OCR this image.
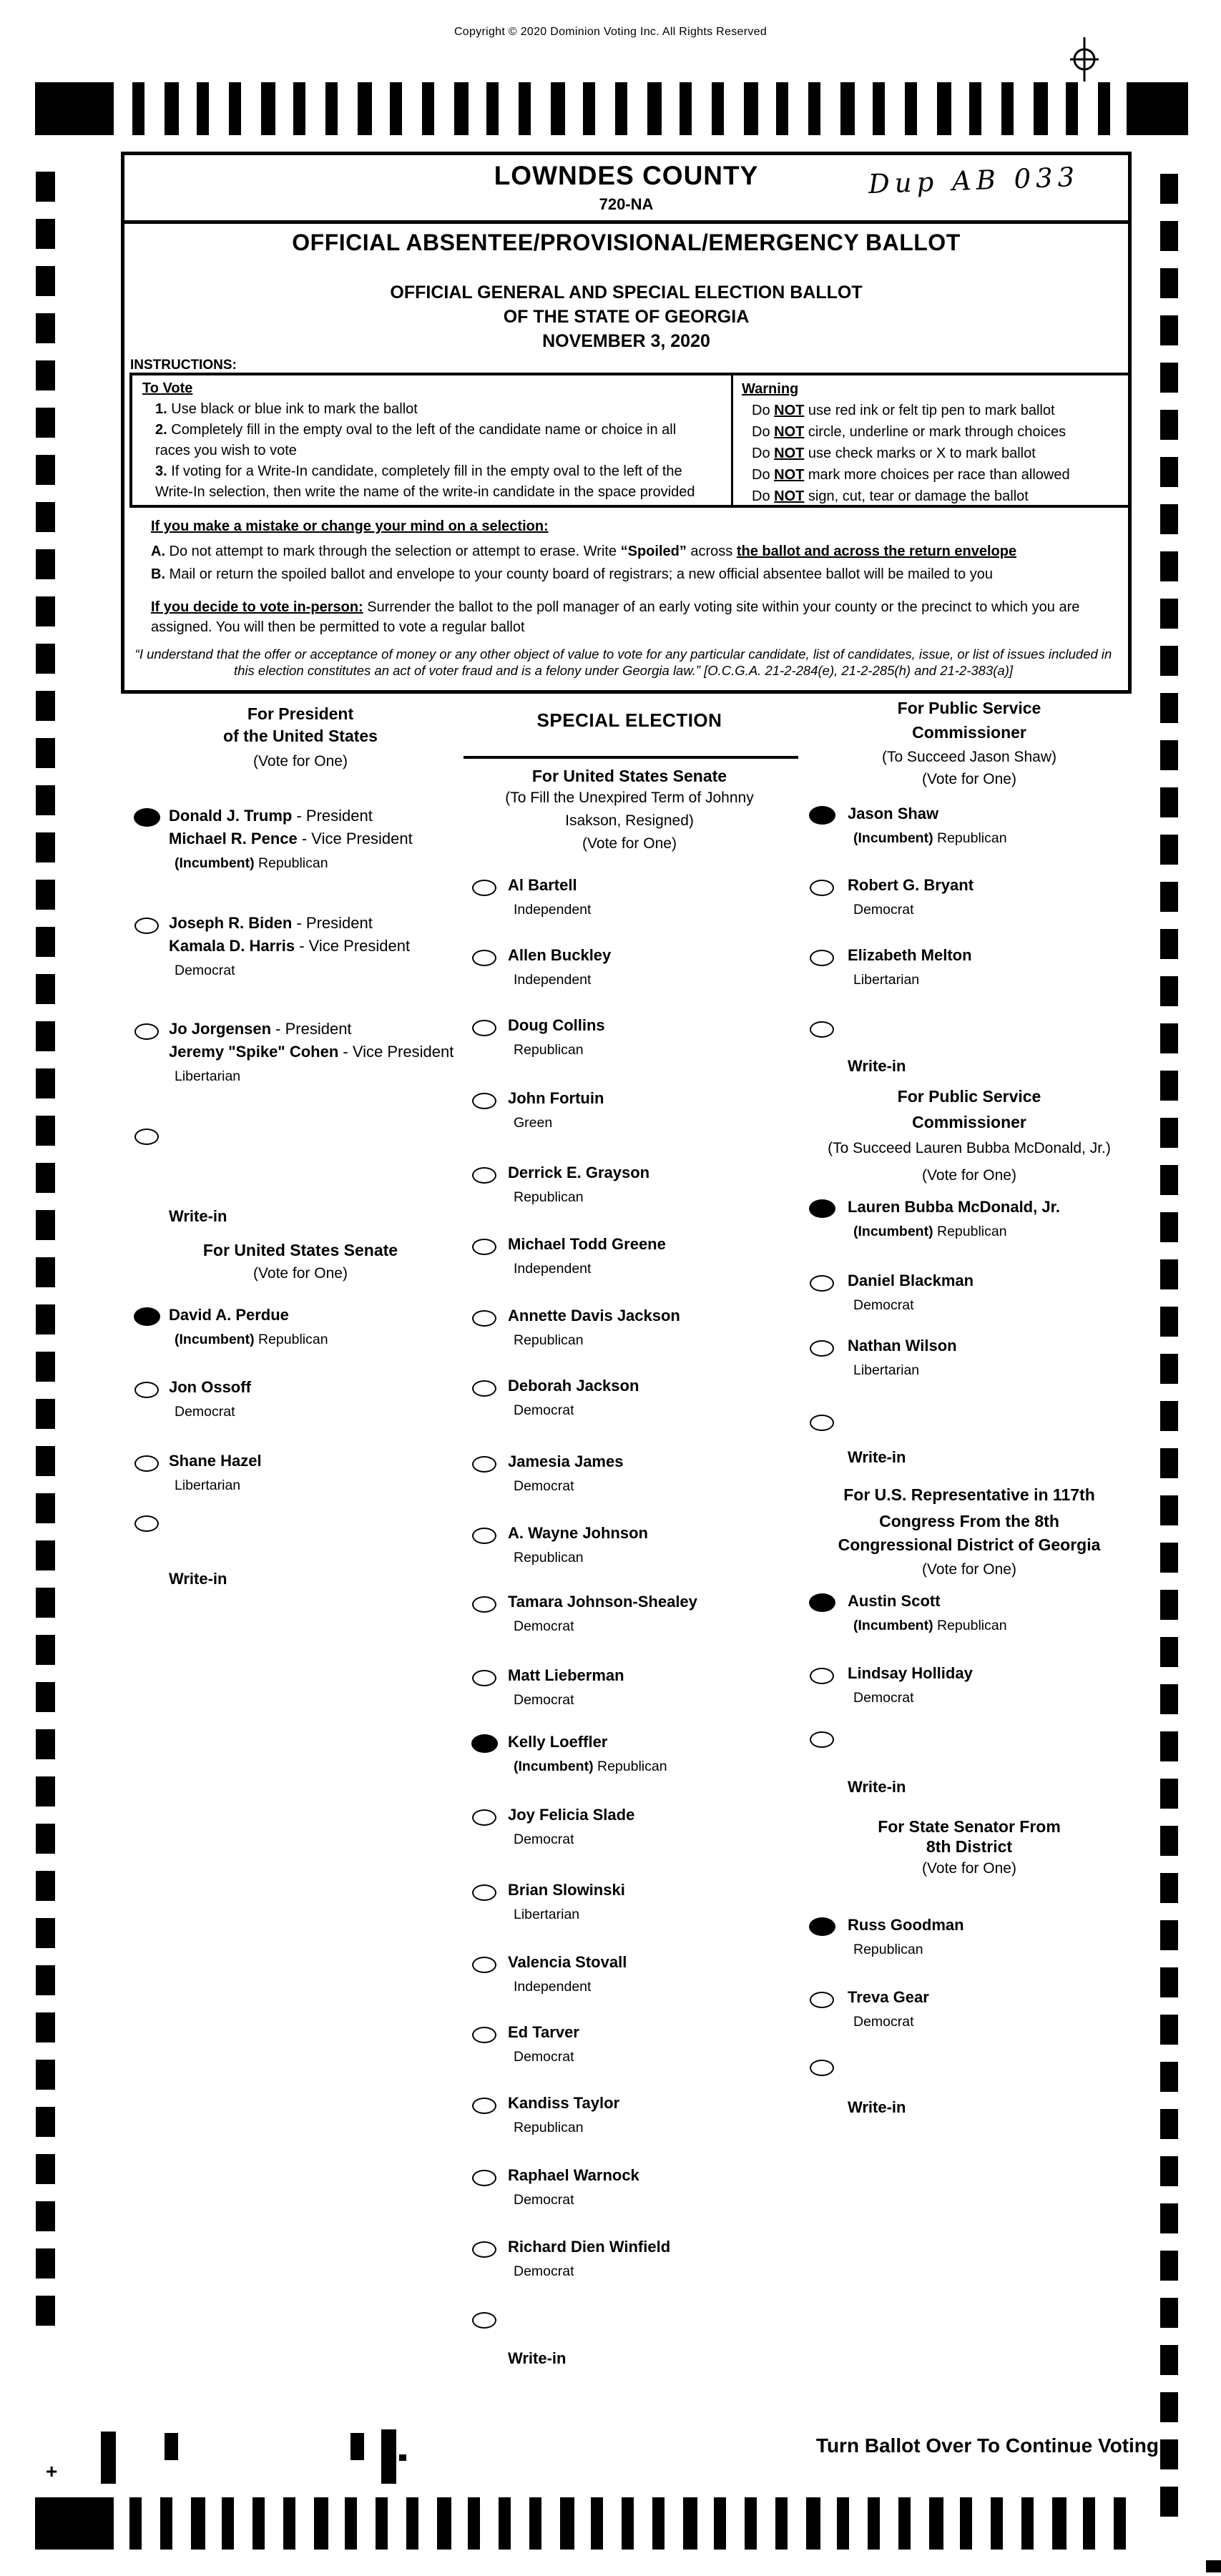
Copyright © 2020 Dominion Voting Inc. All Rights Reserved
LOWNDES COUNTY	Dup AB 033
720-NA
OFFICIAL ABSENTEE/PROVISIONAL/EMERGENCY BALLOT
OFFICIAL GENERAL AND SPECIAL ELECTION BALLOT
OF THE STATE OF GEORGIA
NOVEMBER 3, 2020
INSTRUCTIONS:
To Vote

1. Use black or blue ink to mark the ballot

2. Completely fill in the empty oval to the left of the candidate name or choice in all races you wish to vote

3. If voting for a Write-In candidate, completely fill in the empty oval to the left of the Write-In selection, then write the name of the write-in candidate in the space provided

Warning

Do NOT use red ink or felt tip pen to mark ballot

Do NOT circle, underline or mark through choices

Do NOT use check marks or X to mark ballot

Do NOT mark more choices per race than allowed

Do NOT sign, cut, tear or damage the ballot

If you make a mistake or change your mind on a selection:
A. Do not attempt to mark through the selection or attempt to erase. Write “Spoiled” across the ballot and across the return envelope
B. Mail or return the spoiled ballot and envelope to your county board of registrars; a new official absentee ballot will be mailed to you
If you decide to vote in-person: Surrender the ballot to the poll manager of an early voting site within your county or the precinct to which you are assigned. You will then be permitted to vote a regular ballot
“I understand that the offer or acceptance of money or any other object of value to vote for any particular candidate, list of candidates, issue, or list of issues included in this election constitutes an act of voter fraud and is a felony under Georgia law.” [O.C.G.A. 21-2-284(e), 21-2-285(h) and 21-2-383(a)]
For President
of the United States
(Vote for One)
Donald J. Trump - President
Michael R. Pence - Vice President
(Incumbent) Republican
Joseph R. Biden - President
Kamala D. Harris - Vice President
Democrat
Jo Jorgensen - President
Jeremy "Spike" Cohen - Vice President
Libertarian
Write-in
For United States Senate
(Vote for One)
David A. Perdue
(Incumbent) Republican
Jon Ossoff
Democrat
Shane Hazel
Libertarian
Write-in
SPECIAL ELECTION
For United States Senate
(To Fill the Unexpired Term of Johnny
Isakson, Resigned)
(Vote for One)
Al Bartell
Independent
Allen Buckley
Independent
Doug Collins
Republican
John Fortuin
Green
Derrick E. Grayson
Republican
Michael Todd Greene
Independent
Annette Davis Jackson
Republican
Deborah Jackson
Democrat
Jamesia James
Democrat
A. Wayne Johnson
Republican
Tamara Johnson-Shealey
Democrat
Matt Lieberman
Democrat
Kelly Loeffler
(Incumbent) Republican
Joy Felicia Slade
Democrat
Brian Slowinski
Libertarian
Valencia Stovall
Independent
Ed Tarver
Democrat
Kandiss Taylor
Republican
Raphael Warnock
Democrat
Richard Dien Winfield
Democrat
Write-in
For Public Service
Commissioner
(To Succeed Jason Shaw)
(Vote for One)
Jason Shaw
(Incumbent) Republican
Robert G. Bryant
Democrat
Elizabeth Melton
Libertarian
Write-in
For Public Service
Commissioner
(To Succeed Lauren Bubba McDonald, Jr.)
(Vote for One)
Lauren Bubba McDonald, Jr.
(Incumbent) Republican
Daniel Blackman
Democrat
Nathan Wilson
Libertarian
Write-in
For U.S. Representative in 117th
Congress From the 8th
Congressional District of Georgia
(Vote for One)
Austin Scott
(Incumbent) Republican
Lindsay Holliday
Democrat
Write-in
For State Senator From
8th District
(Vote for One)
Russ Goodman
Republican
Treva Gear
Democrat
Write-in
Turn Ballot Over To Continue Voting
+
